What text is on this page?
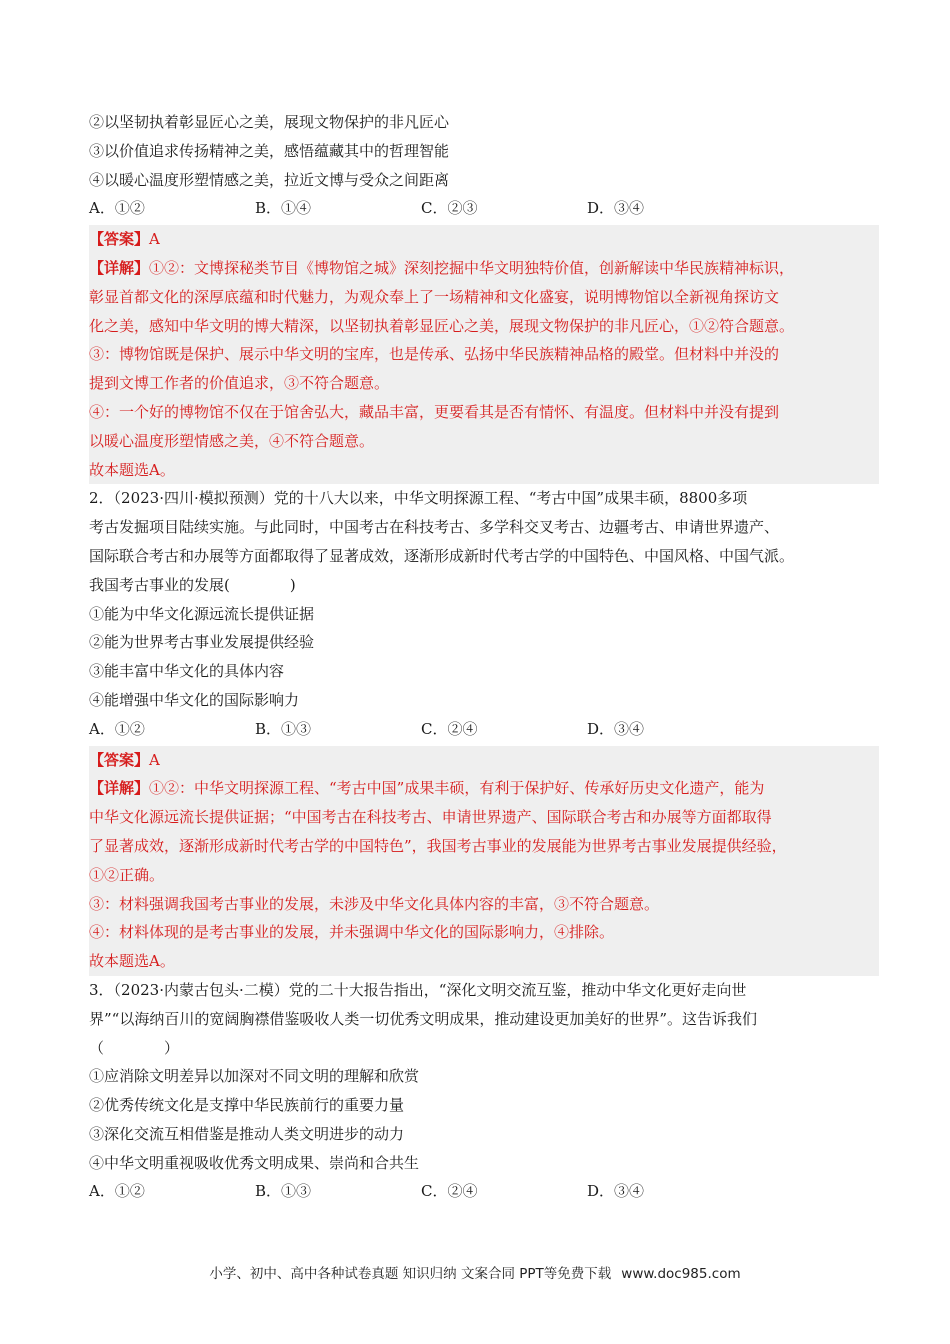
②以坚韧执着彰显匠心之美，展现文物保护的非凡匠心
③以价值追求传扬精神之美，感悟蕴藏其中的哲理智能
④以暖心温度形塑情感之美，拉近文博与受众之间距离
A．①②	B．①④	C．②③	D．③④
【答案】A
【详解】①②：文博探秘类节目《博物馆之城》深刻挖掘中华文明独特价值，创新解读中华民族精神标识，
彰显首都文化的深厚底蕴和时代魅力，为观众奉上了一场精神和文化盛宴，说明博物馆以全新视角探访文
化之美，感知中华文明的博大精深，以坚韧执着彰显匠心之美，展现文物保护的非凡匠心，①②符合题意。
③：博物馆既是保护、展示中华文明的宝库，也是传承、弘扬中华民族精神品格的殿堂。但材料中并没的
提到文博工作者的价值追求，③不符合题意。
④：一个好的博物馆不仅在于馆舍弘大，藏品丰富，更要看其是否有情怀、有温度。但材料中并没有提到
以暖心温度形塑情感之美，④不符合题意。
故本题选A。
2．（2023·四川·模拟预测）党的十八大以来，中华文明探源工程、“考古中国”成果丰硕，8800多项
考古发掘项目陆续实施。与此同时，中国考古在科技考古、多学科交叉考古、边疆考古、申请世界遗产、
国际联合考古和办展等方面都取得了显著成效，逐渐形成新时代考古学的中国特色、中国风格、中国气派。
我国考古事业的发展(　　　　)
①能为中华文化源远流长提供证据
②能为世界考古事业发展提供经验
③能丰富中华文化的具体内容
④能增强中华文化的国际影响力
A．①②	B．①③	C．②④	D．③④
【答案】A
【详解】①②：中华文明探源工程、“考古中国”成果丰硕，有利于保护好、传承好历史文化遗产，能为
中华文化源远流长提供证据；“中国考古在科技考古、申请世界遗产、国际联合考古和办展等方面都取得
了显著成效，逐渐形成新时代考古学的中国特色”，我国考古事业的发展能为世界考古事业发展提供经验，
①②正确。
③：材料强调我国考古事业的发展，未涉及中华文化具体内容的丰富，③不符合题意。
④：材料体现的是考古事业的发展，并未强调中华文化的国际影响力，④排除。
故本题选A。
3．（2023·内蒙古包头·二模）党的二十大报告指出，“深化文明交流互鉴，推动中华文化更好走向世
界”“以海纳百川的宽阔胸襟借鉴吸收人类一切优秀文明成果，推动建设更加美好的世界”。这告诉我们
（　　　　）
①应消除文明差异以加深对不同文明的理解和欣赏
②优秀传统文化是支撑中华民族前行的重要力量
③深化交流互相借鉴是推动人类文明进步的动力
④中华文明重视吸收优秀文明成果、崇尚和合共生
A．①②	B．①③	C．②④	D．③④
小学、初中、高中各种试卷真题 知识归纳 文案合同 PPT等免费下载 www.doc985.com
